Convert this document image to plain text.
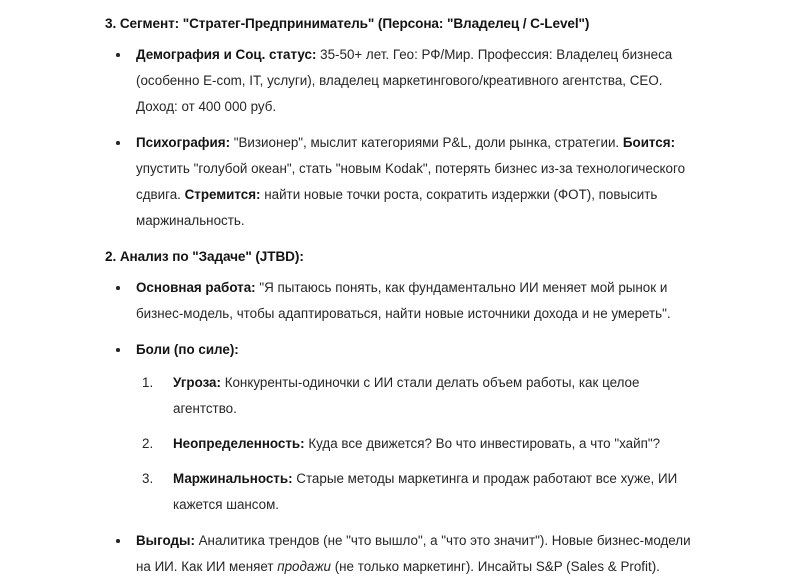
3. Сегмент: "Стратег-Предприниматель" (Персона: "Владелец / C-Level")
Демография и Соц. статус: 35-50+ лет. Гео: РФ/Мир. Профессия: Владелец бизнеса (особенно E-com, IT, услуги), владелец маркетингового/креативного агентства, CEO. Доход: от 400 000 руб.
Психография: "Визионер", мыслит категориями P&L, доли рынка, стратегии. Боится: упустить "голубой океан", стать "новым Kodak", потерять бизнес из-за технологического сдвига. Стремится: найти новые точки роста, сократить издержки (ФОТ), повысить маржинальность.
2. Анализ по "Задаче" (JTBD):
Основная работа: "Я пытаюсь понять, как фундаментально ИИ меняет мой рынок и бизнес-модель, чтобы адаптироваться, найти новые источники дохода и не умереть".
Боли (по силе):
Угроза: Конкуренты-одиночки с ИИ стали делать объем работы, как целое агентство.
Неопределенность: Куда все движется? Во что инвестировать, а что "хайп"?
Маржинальность: Старые методы маркетинга и продаж работают все хуже, ИИ кажется шансом.
Выгоды: Аналитика трендов (не "что вышло", а "что это значит"). Новые бизнес-модели на ИИ. Как ИИ меняет продажи (не только маркетинг). Инсайты S&P (Sales & Profit).
